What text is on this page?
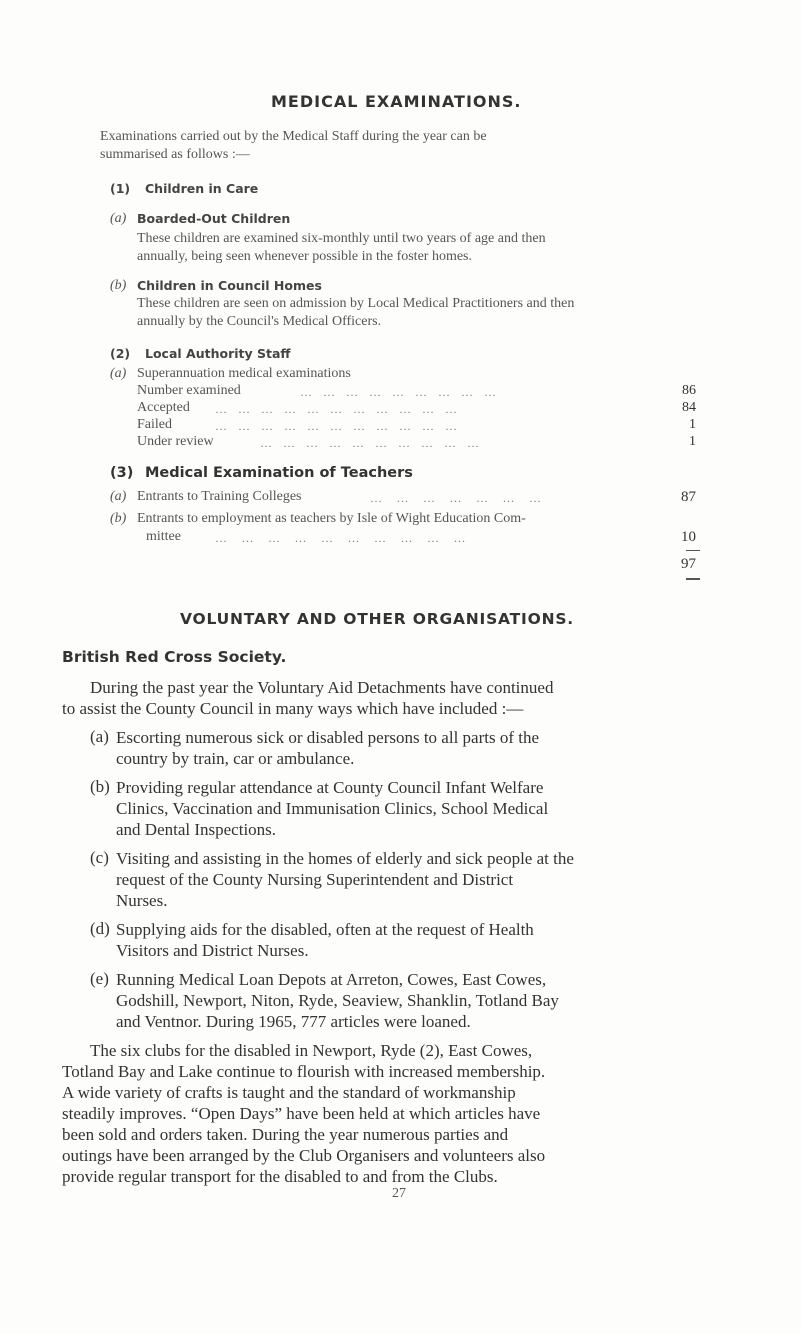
MEDICAL EXAMINATIONS.
Examinations carried out by the Medical Staff during the year can be
summarised as follows :—
(1) Children in Care
(a) Boarded-Out Children
These children are examined six-monthly until two years of age and then
annually, being seen whenever possible in the foster homes.
(b) Children in Council Homes
These children are seen on admission by Local Medical Practitioners and then
annually by the Council's Medical Officers.
(2) Local Authority Staff
(a) Superannuation medical examinations
Number examined	…   …   …   …   …   …   …   …   …	86
Accepted …   …   …   …   …   …   …   …   …   …   …	84
Failed	…   …   …   …   …   …   …   …   …   …   …	1
Under review	…   …   …   …   …   …   …   …   …   …	1
(3) Medical Examination of Teachers
(a) Entrants to Training Colleges	…    …    …    …    …    …    …	87
(b) Entrants to employment as teachers by Isle of Wight Education Com-
mittee	…    …    …    …    …    …    …    …    …    …	10
97
VOLUNTARY AND OTHER ORGANISATIONS.
British Red Cross Society.
During the past year the Voluntary Aid Detachments have continued
to assist the County Council in many ways which have included :—
(a) Escorting numerous sick or disabled persons to all parts of the
country by train, car or ambulance.
(b) Providing regular attendance at County Council Infant Welfare
Clinics, Vaccination and Immunisation Clinics, School Medical
and Dental Inspections.
(c) Visiting and assisting in the homes of elderly and sick people at the
request of the County Nursing Superintendent and District
Nurses.
(d) Supplying aids for the disabled, often at the request of Health
Visitors and District Nurses.
(e) Running Medical Loan Depots at Arreton, Cowes, East Cowes,
Godshill, Newport, Niton, Ryde, Seaview, Shanklin, Totland Bay
and Ventnor. During 1965, 777 articles were loaned.
The six clubs for the disabled in Newport, Ryde (2), East Cowes,
Totland Bay and Lake continue to flourish with increased membership.
A wide variety of crafts is taught and the standard of workmanship
steadily improves. “Open Days” have been held at which articles have
been sold and orders taken. During the year numerous parties and
outings have been arranged by the Club Organisers and volunteers also
provide regular transport for the disabled to and from the Clubs.
27
